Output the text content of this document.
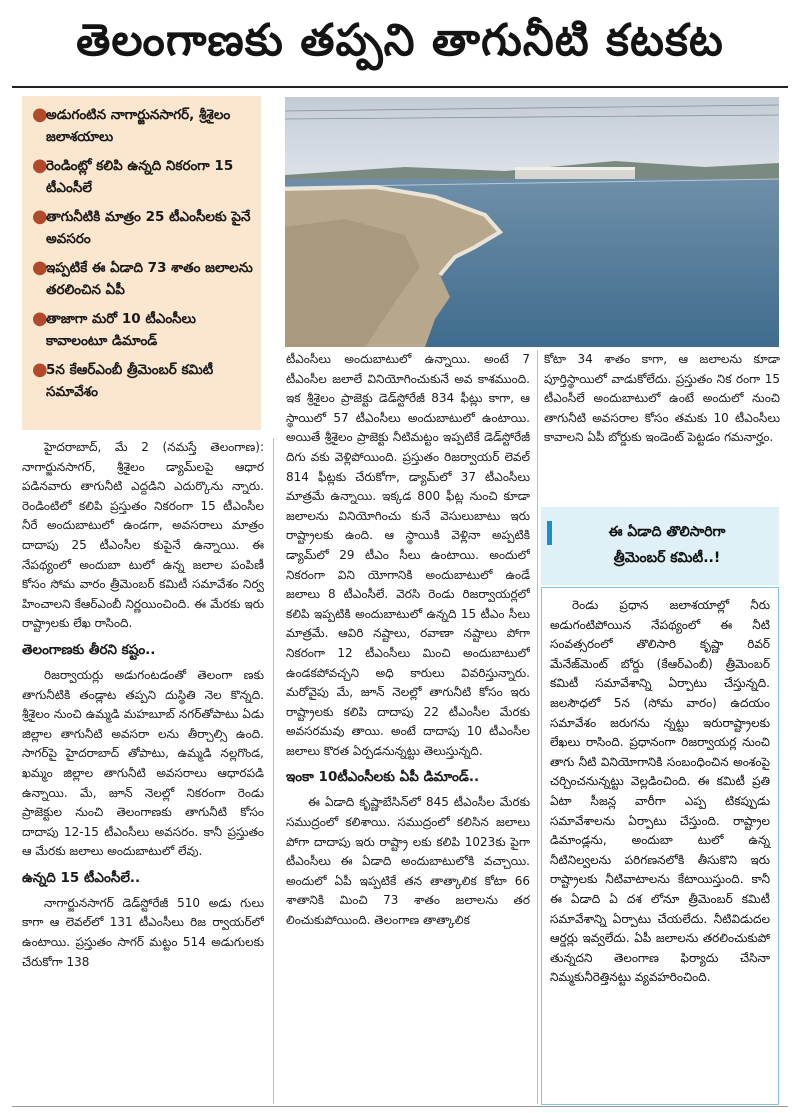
తెలంగాణకు తప్పని తాగునీటి కటకట
●
అడుగంటిన నాగార్జునసాగర్, శ్రీశైలం జలాశయాలు
●
రెండింట్లో కలిపి ఉన్నది నికరంగా 15 టీఎంసీలే
●
తాగునీటికి మాత్రం 25 టీఎంసీలకు పైనే అవసరం
●
ఇప్పటికే ఈ ఏడాది 73 శాతం జలాలను తరలించిన ఏపీ
●
తాజాగా మరో 10 టీఎంసీలు కావాలంటూ డిమాండ్
●
5న కేఆర్‌ఎంబీ త్రీమెంబర్ కమిటీ సమావేశం

హైదరాబాద్, మే 2 (నమస్తే తెలంగాణ): నాగార్జునసాగర్, శ్రీశైలం డ్యామ్‌లపై ఆధార పడినవారు తాగునీటి ఎద్దడిని ఎదుర్కొను న్నారు. రెండింటిలో కలిపి ప్రస్తుతం నికరంగా 15 టీఎంసీల నీరే అందుబాటులో ఉండగా, అవసరాలు మాత్రం దాదాపు 25 టీఎంసీల కుపైనే ఉన్నాయి. ఈ నేపథ్యంలో అందుబా టులో ఉన్న జలాల పంపిణీ కోసం సోమ వారం త్రీమెంబర్ కమిటీ సమావేశం నిర్వ హించాలని కేఆర్‌ఎంబీ నిర్ణయించింది. ఈ మేరకు ఇరు రాష్ట్రాలకు లేఖ రాసింది.

తెలంగాణకు తీరని కష్టం..

రిజర్వాయర్లు అడుగంటడంతో తెలంగా ణకు తాగునీటికి తండ్లాట తప్పని దుస్థితి నెల కొన్నది. శ్రీశైలం నుంచి ఉమ్మడి మహబూబ్ నగర్‌తోపాటు ఏడు జిల్లాల తాగునీటి అవసరా లను తీర్చాల్సి ఉంది. సాగర్‌పై హైదరాబాద్ తోపాటు, ఉమ్మడి నల్లగొండ, ఖమ్మం జిల్లాల తాగునీటి అవసరాలు ఆధారపడి ఉన్నాయి. మే, జూన్ నెలల్లో నికరంగా రెండు ప్రాజెక్టుల నుంచి తెలంగాణకు తాగునీటి కోసం దాదాపు 12-15 టీఎంసీలు అవసరం. కానీ ప్రస్తుతం ఆ మేరకు జలాలు అందుబాటులో లేవు.

ఉన్నది 15 టీఎంసీలే..

నాగార్జునసాగర్ డెడ్‌స్టోరేజీ 510 అడు గులు కాగా ఆ లెవల్‌లో 131 టీఎంసీలు రిజ ర్వాయర్‌లో ఉంటాయి. ప్రస్తుతం సాగర్ మట్టం 514 అడుగులకు చేరుకోగా 138

టీఎంసీలు అందుబాటులో ఉన్నాయి. అంటే 7 టీఎంసీల జలాలే వినియోగించుకునే అవ కాశముంది. ఇక శ్రీశైలం ప్రాజెక్టు డెడ్‌స్టోరేజీ 834 ఫీట్లు కాగా, ఆ స్థాయిలో 57 టీఎంసీలు అందుబాటులో ఉంటాయి. అయితే శ్రీశైలం ప్రాజెక్టు నీటిమట్టం ఇప్పటికే డెడ్‌స్టోరేజీ దిగు వకు వెళ్లిపోయింది. ప్రస్తుతం రిజర్వాయర్ లెవల్ 814 ఫీట్లకు చేరుకోగా, డ్యామ్‌లో 37 టీఎంసీలు మాత్రమే ఉన్నాయి. ఇక్కడ 800 ఫీట్ల నుంచి కూడా జలాలను వినియోగించు కునే వెసులుబాటు ఇరు రాష్ట్రాలకు ఉంది. ఆ స్థాయికి వెళ్లినా అప్పటికి డ్యామ్‌లో 29 టీఎం సీలు ఉంటాయి. అందులో నికరంగా విని యోగానికి అందుబాటులో ఉండే జలాలు 8 టీఎంసీలే. వెరసి రెండు రిజర్వాయర్లలో కలిపి ఇప్పటికి అందుబాటులో ఉన్నది 15 టీఎం సీలు మాత్రమే. ఆవిరి నష్టాలు, రవాణా నష్టాలు పోగా నికరంగా 12 టీఎంసీలు మించి అందుబాటులో ఉండకపోవచ్చని అధి కారులు వివరిస్తున్నారు. మరోవైపు మే, జూన్ నెలల్లో తాగునీటి కోసం ఇరు రాష్ట్రాలకు కలిపి దాదాపు 22 టీఎంసీల మేరకు అవసరమవు తాయి. అంటే దాదాపు 10 టీఎంసీల జలాలు కొరత ఏర్పడనున్నట్టు తెలుస్తున్నది.

ఇంకా 10టీఎంసీలకు ఏపీ డిమాండ్..

ఈ ఏడాది కృష్ణాబేసిన్‌లో 845 టీఎంసీల మేరకు సముద్రంలో కలిశాయి. సముద్రంలో కలిసిన జలాలు పోగా దాదాపు ఇరు రాష్ట్రా లకు కలిపి 1023కు పైగా టీఎంసీలు ఈ ఏడాది అందుబాటులోకి వచ్చాయి. అందులో ఏపీ ఇప్పటికే తన తాత్కాలిక కోటా 66 శాతానికి మించి 73 శాతం జలాలను తర లించుకుపోయింది. తెలంగాణ తాత్కాలిక

కోటా 34 శాతం కాగా, ఆ జలాలను కూడా పూర్తిస్థాయిలో వాడుకోలేదు. ప్రస్తుతం నిక రంగా 15 టీఎంసీలే అందుబాటులో ఉంటే అందులో నుంచి తాగునీటి అవసరాల కోసం తమకు 10 టీఎంసీలు కావాలని ఏపీ బోర్డుకు ఇండెంట్ పెట్టడం గమనార్హం.

ఈ ఏడాది తొలిసారిగా
త్రీమెంబర్ కమిటీ..!

రెండు ప్రధాన జలాశయాల్లో నీరు అడుగంటిపోయిన నేపథ్యంలో ఈ నీటి సంవత్సరంలో తొలిసారి కృష్ణా రివర్ మేనేజ్‌మెంట్ బోర్డు (కేఆర్‌ఎంబీ) త్రీమెంబర్ కమిటీ సమావేశాన్ని ఏర్పాటు చేస్తున్నది. జలసౌధలో 5న (సోమ వారం) ఉదయం సమావేశం జరుగను న్నట్టు ఇరురాష్ట్రాలకు లేఖలు రాసింది. ప్రధానంగా రిజర్వాయర్ల నుంచి తాగు నీటి వినియోగానికి సంబంధించిన అంశంపై చర్చించనున్నట్టు వెల్లడించింది. ఈ కమిటీ ప్రతి ఏటా సీజన్ల వారీగా ఎప్ప టికప్పుడు సమావేశాలను ఏర్పాటు చేస్తుంది. రాష్ట్రాల డిమాండ్లను, అందుబా టులో ఉన్న నీటినిల్వలను పరిగణనలోకి తీసుకొని ఇరు రాష్ట్రాలకు నీటివాటాలను కేటాయిస్తుంది. కానీ ఈ ఏడాది ఏ దశ లోనూ త్రీమెంబర్ కమిటీ సమావేశాన్ని ఏర్పాటు చేయలేదు. నీటివిడుదల ఆర్డర్లు ఇవ్వలేదు. ఏపీ జలాలను తరలించుకుపో తున్నదని తెలంగాణ ఫిర్యాదు చేసినా నిమ్మకునీరెత్తినట్టు వ్యవహరించింది.
